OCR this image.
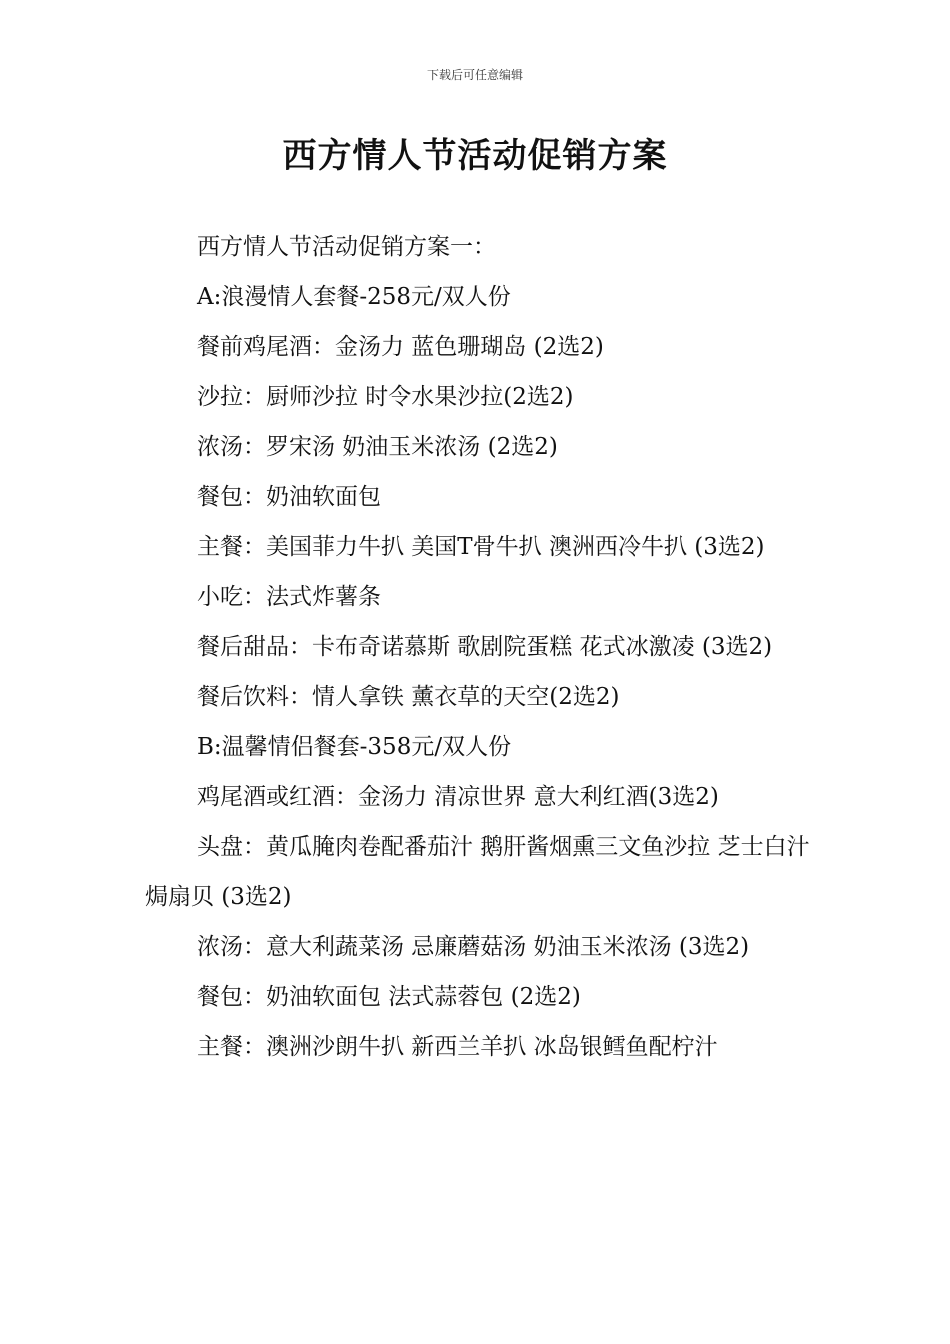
下载后可任意编辑
西方情人节活动促销方案

西方情人节活动促销方案一：

A:浪漫情人套餐-258元/双人份

餐前鸡尾酒：金汤力 蓝色珊瑚岛 (2选2)

沙拉：厨师沙拉 时令水果沙拉(2选2)

浓汤：罗宋汤 奶油玉米浓汤 (2选2)

餐包：奶油软面包

主餐：美国菲力牛扒 美国T骨牛扒 澳洲西冷牛扒 (3选2)

小吃：法式炸薯条

餐后甜品：卡布奇诺慕斯 歌剧院蛋糕 花式冰激凌 (3选2)

餐后饮料：情人拿铁 薰衣草的天空(2选2)

B:温馨情侣餐套-358元/双人份

鸡尾酒或红酒：金汤力 清凉世界 意大利红酒(3选2)

头盘：黄瓜腌肉卷配番茄汁 鹅肝酱烟熏三文鱼沙拉 芝士白汁焗扇贝 (3选2)

浓汤：意大利蔬菜汤 忌廉蘑菇汤 奶油玉米浓汤 (3选2)

餐包：奶油软面包 法式蒜蓉包 (2选2)

主餐：澳洲沙朗牛扒 新西兰羊扒 冰岛银鳕鱼配柠汁
